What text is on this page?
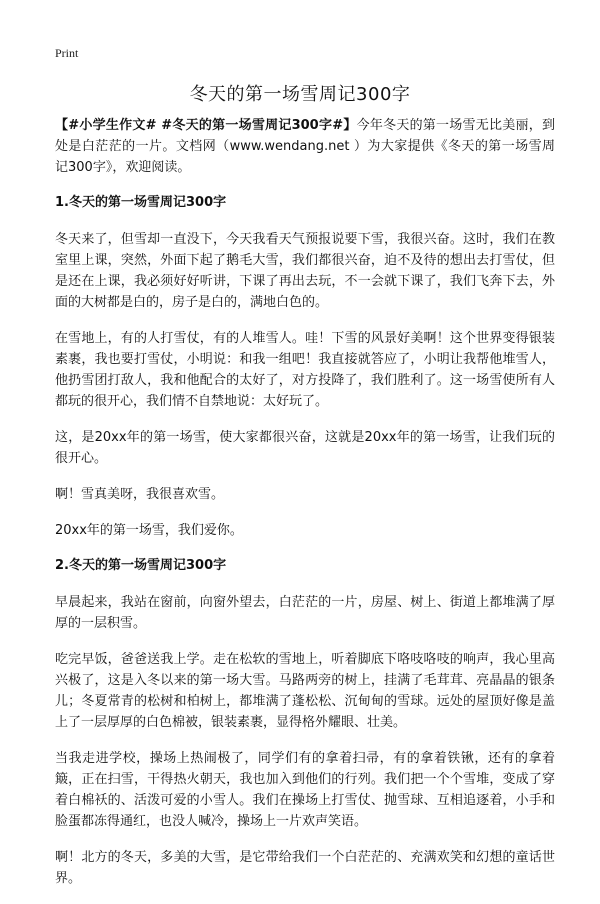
Print
冬天的第一场雪周记300字

【#小学生作文# #冬天的第一场雪周记300字#】今年冬天的第一场雪无比美丽，到处是白茫茫的一片。文档网（www.wendang.net ）为大家提供《冬天的第一场雪周记300字》，欢迎阅读。

1.冬天的第一场雪周记300字

冬天来了，但雪却一直没下，今天我看天气预报说要下雪，我很兴奋。这时，我们在教室里上课，突然，外面下起了鹅毛大雪，我们都很兴奋，迫不及待的想出去打雪仗，但是还在上课，我必须好好听讲，下课了再出去玩，不一会就下课了，我们飞奔下去，外面的大树都是白的，房子是白的，满地白色的。

在雪地上，有的人打雪仗，有的人堆雪人。哇！下雪的风景好美啊！这个世界变得银装素裹，我也要打雪仗，小明说：和我一组吧！我直接就答应了，小明让我帮他堆雪人，他扔雪团打敌人，我和他配合的太好了，对方投降了，我们胜利了。这一场雪使所有人都玩的很开心，我们情不自禁地说：太好玩了。

这，是20xx年的第一场雪，使大家都很兴奋，这就是20xx年的第一场雪，让我们玩的很开心。

啊！雪真美呀，我很喜欢雪。

20xx年的第一场雪，我们爱你。

2.冬天的第一场雪周记300字

早晨起来，我站在窗前，向窗外望去，白茫茫的一片，房屋、树上、街道上都堆满了厚厚的一层积雪。

吃完早饭，爸爸送我上学。走在松软的雪地上，听着脚底下咯吱咯吱的响声，我心里高兴极了，这是入冬以来的第一场大雪。马路两旁的树上，挂满了毛茸茸、亮晶晶的银条儿；冬夏常青的松树和柏树上，都堆满了蓬松松、沉甸甸的雪球。远处的屋顶好像是盖上了一层厚厚的白色棉被，银装素裹，显得格外耀眼、壮美。

当我走进学校，操场上热闹极了，同学们有的拿着扫帚，有的拿着铁锹，还有的拿着簸，正在扫雪，干得热火朝天，我也加入到他们的行列。我们把一个个雪堆，变成了穿着白棉袄的、活泼可爱的小雪人。我们在操场上打雪仗、抛雪球、互相追逐着，小手和脸蛋都冻得通红，也没人喊冷，操场上一片欢声笑语。

啊！北方的冬天，多美的大雪，是它带给我们一个白茫茫的、充满欢笑和幻想的童话世界。
